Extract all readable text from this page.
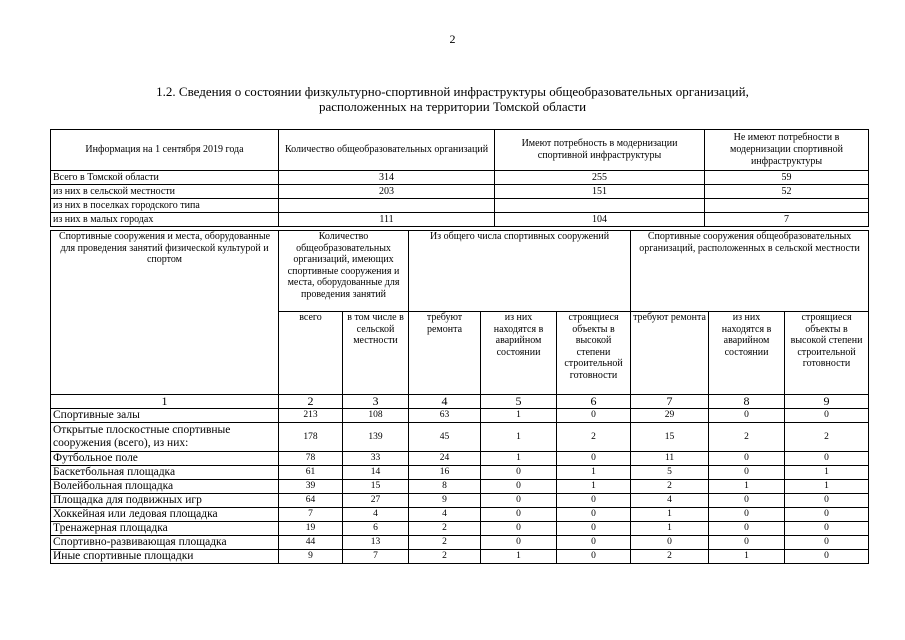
2
1.2. Сведения о состоянии физкультурно-спортивной инфраструктуры общеобразовательных организаций,
расположенных на территории Томской области
Информация на 1 сентября 2019 года	Количество общеобразовательных организаций	Имеют потребность в модернизации спортивной инфраструктуры	Не имеют потребности в модернизации спортивной инфраструктуры
Всего в Томской области	314	255	59
из них в сельской местности	203	151	52
из них в поселках городского типа			
из них в малых городах	111	104	7
Спортивные сооружения и места, оборудованные для проведения занятий физической культурой и спортом	Количество общеобразовательных организаций, имеющих спортивные сооружения и места, оборудованные для проведения занятий		Из общего числа спортивных сооружений			Спортивные сооружения общеобразовательных организаций, расположенных в сельской местности		
	всего	в том числе в сельской местности	требуют ремонта	из них находятся в аварийном состоянии	строящиеся объекты в высокой степени строительной готовности	требуют ремонта	из них находятся в аварийном состоянии	строящиеся объекты в высокой степени строительной готовности
1	2	3	4	5	6	7	8	9
Спортивные залы	213	108	63	1	0	29	0	0
Открытые плоскостные спортивные сооружения (всего), из них:	178	139	45	1	2	15	2	2
Футбольное поле	78	33	24	1	0	11	0	0
Баскетбольная площадка	61	14	16	0	1	5	0	1
Волейбольная площадка	39	15	8	0	1	2	1	1
Площадка для подвижных игр	64	27	9	0	0	4	0	0
Хоккейная или ледовая площадка	7	4	4	0	0	1	0	0
Тренажерная площадка	19	6	2	0	0	1	0	0
Спортивно-развивающая площадка	44	13	2	0	0	0	0	0
Иные спортивные площадки	9	7	2	1	0	2	1	0
